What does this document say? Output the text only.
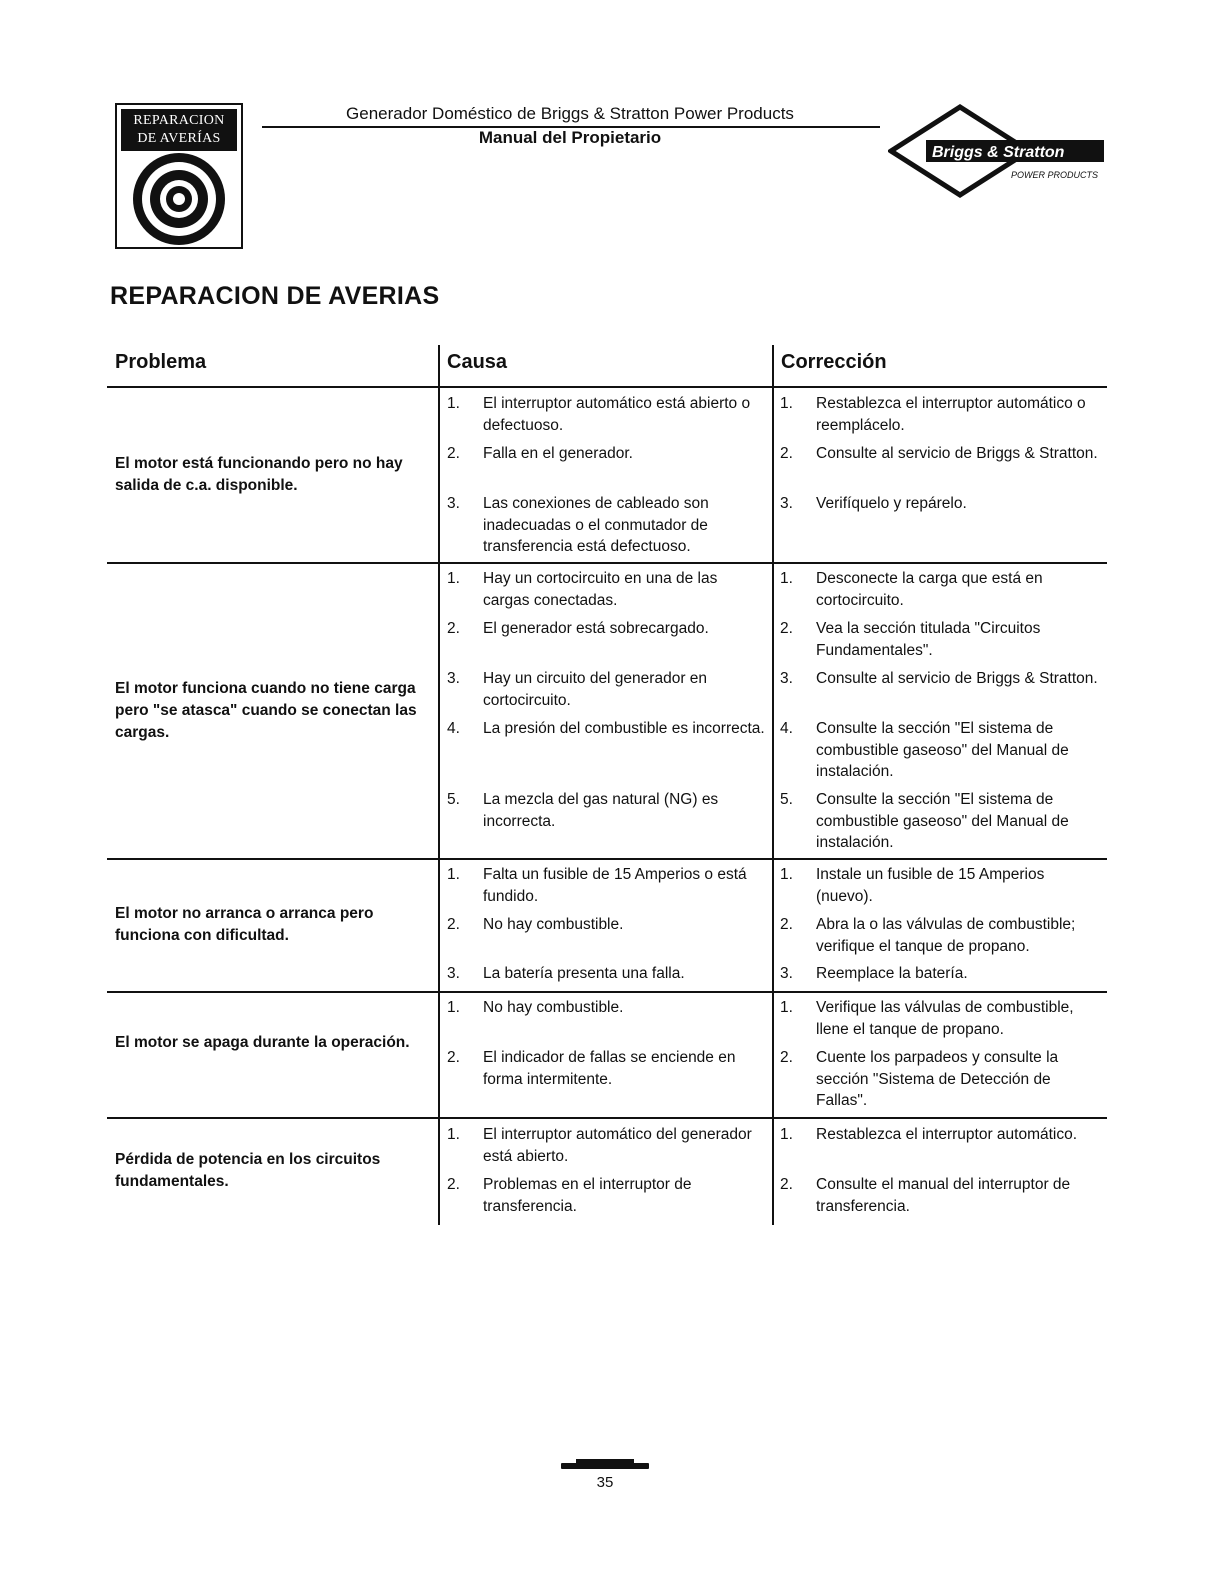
REPARACION
DE AVERÍAS
Generador Doméstico de Briggs & Stratton Power Products
Manual del Propietario
Briggs & Stratton
POWER PRODUCTS
REPARACION DE AVERIAS
Problema	Causa	Corrección
El motor está funcionando pero no hay salida de c.a. disponible.
1. El interruptor automático está abierto o defectuoso.
2. Falla en el generador.
3. Las conexiones de cableado son inadecuadas o el conmutador de transferencia está defectuoso.
1. Restablezca el interruptor automático o reemplácelo.
2. Consulte al servicio de Briggs & Stratton.
3. Verifíquelo y repárelo.
El motor funciona cuando no tiene carga pero "se atasca" cuando se conectan las cargas.
1. Hay un cortocircuito en una de las cargas conectadas.
2. El generador está sobrecargado.
3. Hay un circuito del generador en cortocircuito.
4. La presión del combustible es incorrecta.
5. La mezcla del gas natural (NG) es incorrecta.
1. Desconecte la carga que está en cortocircuito.
2. Vea la sección titulada "Circuitos Fundamentales".
3. Consulte al servicio de Briggs & Stratton.
4. Consulte la sección "El sistema de combustible gaseoso" del Manual de instalación.
5. Consulte la sección "El sistema de combustible gaseoso" del Manual de instalación.
El motor no arranca o arranca pero funciona con dificultad.
1. Falta un fusible de 15 Amperios o está fundido.
2. No hay combustible.
3. La batería presenta una falla.
1. Instale un fusible de 15 Amperios (nuevo).
2. Abra la o las válvulas de combustible; verifique el tanque de propano.
3. Reemplace la batería.
El motor se apaga durante la operación.
1. No hay combustible.
2. El indicador de fallas se enciende en forma intermitente.
1. Verifique las válvulas de combustible, llene el tanque de propano.
2. Cuente los parpadeos y consulte la sección "Sistema de Detección de Fallas".
Pérdida de potencia en los circuitos fundamentales.
1. El interruptor automático del generador está abierto.
2. Problemas en el interruptor de transferencia.
1. Restablezca el interruptor automático.
2. Consulte el manual del interruptor de transferencia.
35
